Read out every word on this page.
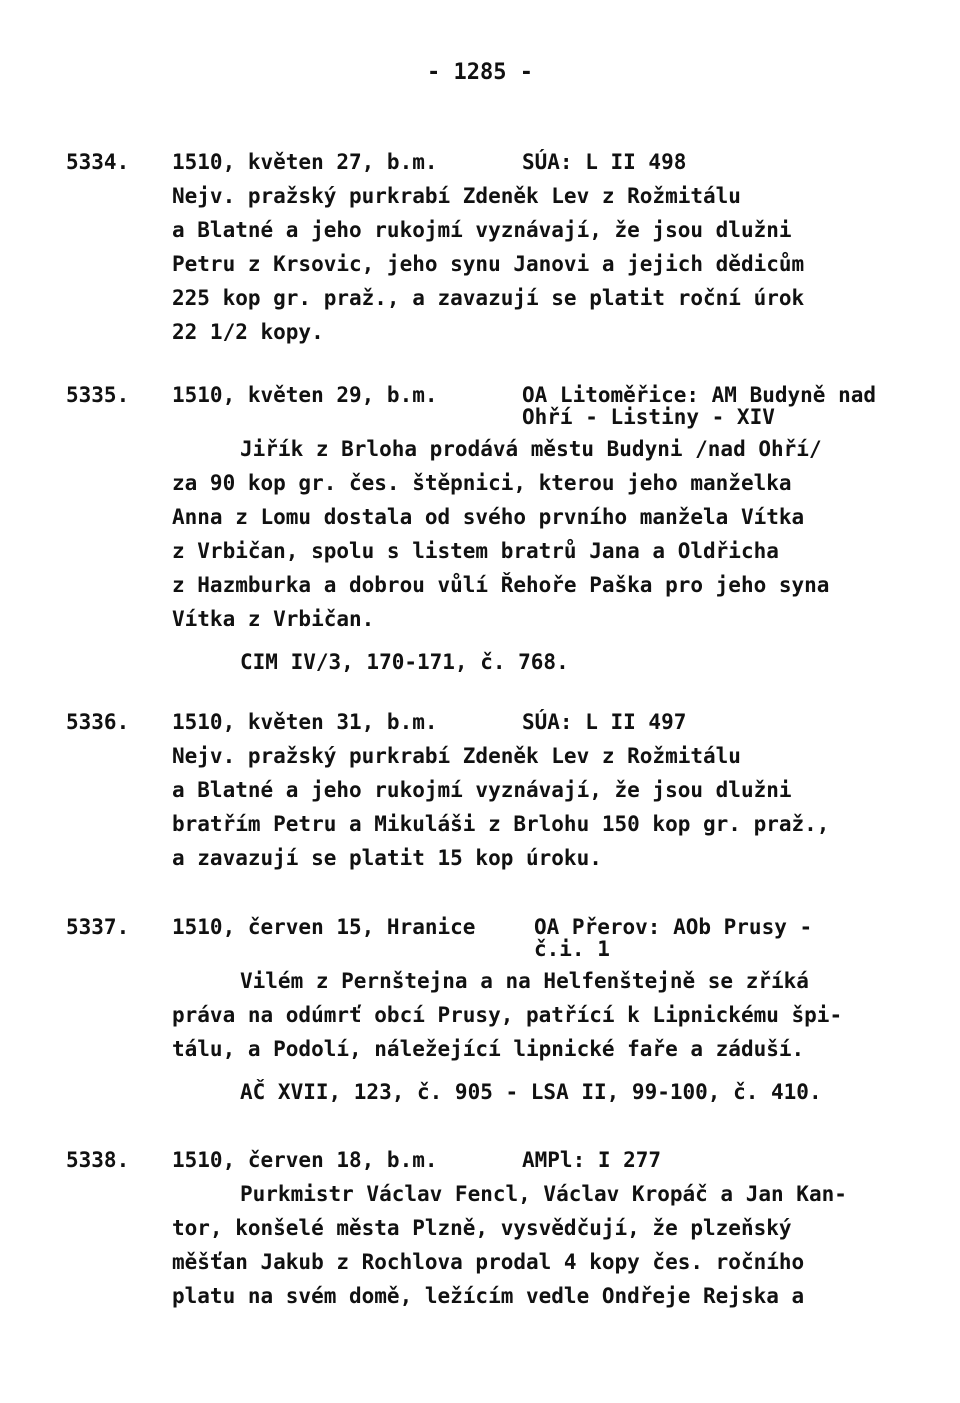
- 1285 -
5334. 1510, květen 27, b.m.	SÚA: L II 498
Nejv. pražský purkrabí Zdeněk Lev z Rožmitálu
a Blatné a jeho rukojmí vyznávají, že jsou dlužni
Petru z Krsovic, jeho synu Janovi a jejich dědicům
225 kop gr. praž., a zavazují se platit roční úrok
22 1/2 kopy.
5335. 1510, květen 29, b.m.	OA Litoměřice: AM Budyně nad
Ohří - Listiny - XIV
Jiřík z Brloha prodává městu Budyni /nad Ohří/
za 90 kop gr. čes. štěpnici, kterou jeho manželka
Anna z Lomu dostala od svého prvního manžela Vítka
z Vrbičan, spolu s listem bratrů Jana a Oldřicha
z Hazmburka a dobrou vůlí Řehoře Paška pro jeho syna
Vítka z Vrbičan.
CIM IV/3, 170-171, č. 768.
5336. 1510, květen 31, b.m.	SÚA: L II 497
Nejv. pražský purkrabí Zdeněk Lev z Rožmitálu
a Blatné a jeho rukojmí vyznávají, že jsou dlužni
bratřím Petru a Mikuláši z Brlohu 150 kop gr. praž.,
a zavazují se platit 15 kop úroku.
5337. 1510, červen 15, Hranice	OA Přerov: AOb Prusy -
č.i. 1
Vilém z Pernštejna a na Helfenštejně se zříká
práva na odúmrť obcí Prusy, patřící k Lipnickému špi-
tálu, a Podolí, náležející lipnické faře a záduší.
AČ XVII, 123, č. 905 - LSA II, 99-100, č. 410.
5338. 1510, červen 18, b.m.	AMPl: I 277
Purkmistr Václav Fencl, Václav Kropáč a Jan Kan-
tor, konšelé města Plzně, vysvědčují, že plzeňský
měšťan Jakub z Rochlova prodal 4 kopy čes. ročního
platu na svém domě, ležícím vedle Ondřeje Rejska a
